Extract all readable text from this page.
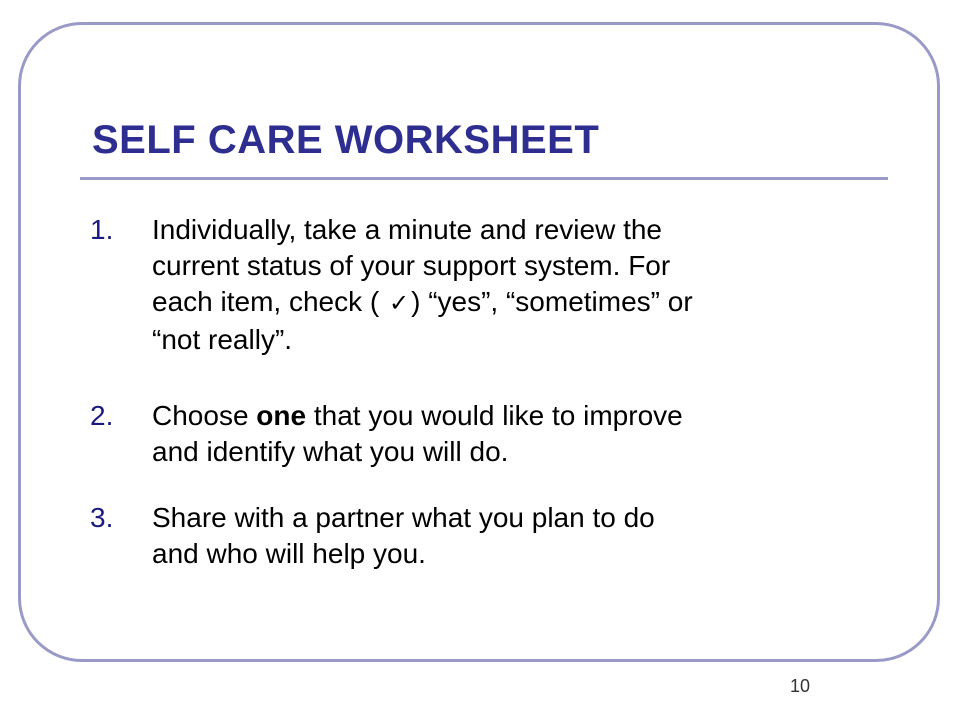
SELF CARE WORKSHEET
1.	Individually, take a minute and review the
current status of your support system. For
each item, check ( ✓) “yes”, “sometimes” or
“not really”.
2.	Choose one that you would like to improve
and identify what you will do.
3.	Share with a partner what you plan to do
and who will help you.
10
